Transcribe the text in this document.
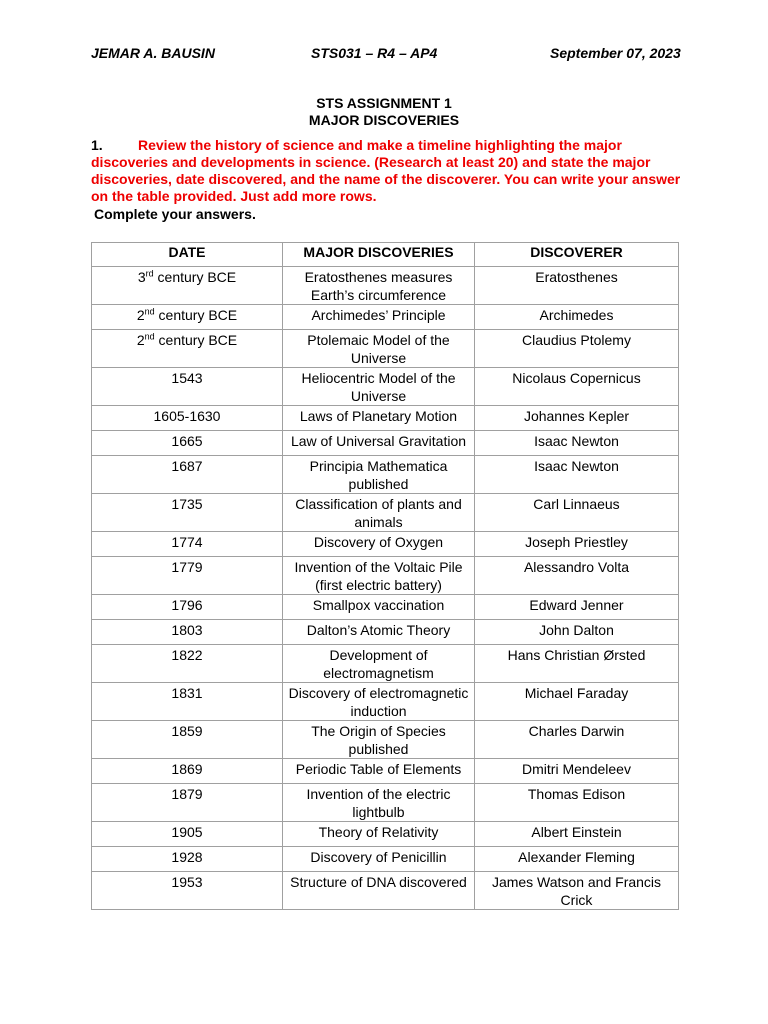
JEMAR A. BAUSIN	STS031 – R4 – AP4	September 07, 2023
STS ASSIGNMENT 1
MAJOR DISCOVERIES
1.	Review the history of science and make a timeline highlighting the major discoveries and developments in science. (Research at least 20) and state the major discoveries, date discovered, and the name of the discoverer. You can write your answer on the table provided. Just add more rows.
Complete your answers.
DATE	MAJOR DISCOVERIES	DISCOVERER
3rd century BCE	Eratosthenes measures Earth’s circumference	Eratosthenes
2nd century BCE	Archimedes’ Principle	Archimedes
2nd century BCE	Ptolemaic Model of the Universe	Claudius Ptolemy
1543	Heliocentric Model of the Universe	Nicolaus Copernicus
1605-1630	Laws of Planetary Motion	Johannes Kepler
1665	Law of Universal Gravitation	Isaac Newton
1687	Principia Mathematica published	Isaac Newton
1735	Classification of plants and animals	Carl Linnaeus
1774	Discovery of Oxygen	Joseph Priestley
1779	Invention of the Voltaic Pile (first electric battery)	Alessandro Volta
1796	Smallpox vaccination	Edward Jenner
1803	Dalton’s Atomic Theory	John Dalton
1822	Development of electromagnetism	Hans Christian Ørsted
1831	Discovery of electromagnetic induction	Michael Faraday
1859	The Origin of Species published	Charles Darwin
1869	Periodic Table of Elements	Dmitri Mendeleev
1879	Invention of the electric lightbulb	Thomas Edison
1905	Theory of Relativity	Albert Einstein
1928	Discovery of Penicillin	Alexander Fleming
1953	Structure of DNA discovered	James Watson and Francis Crick
